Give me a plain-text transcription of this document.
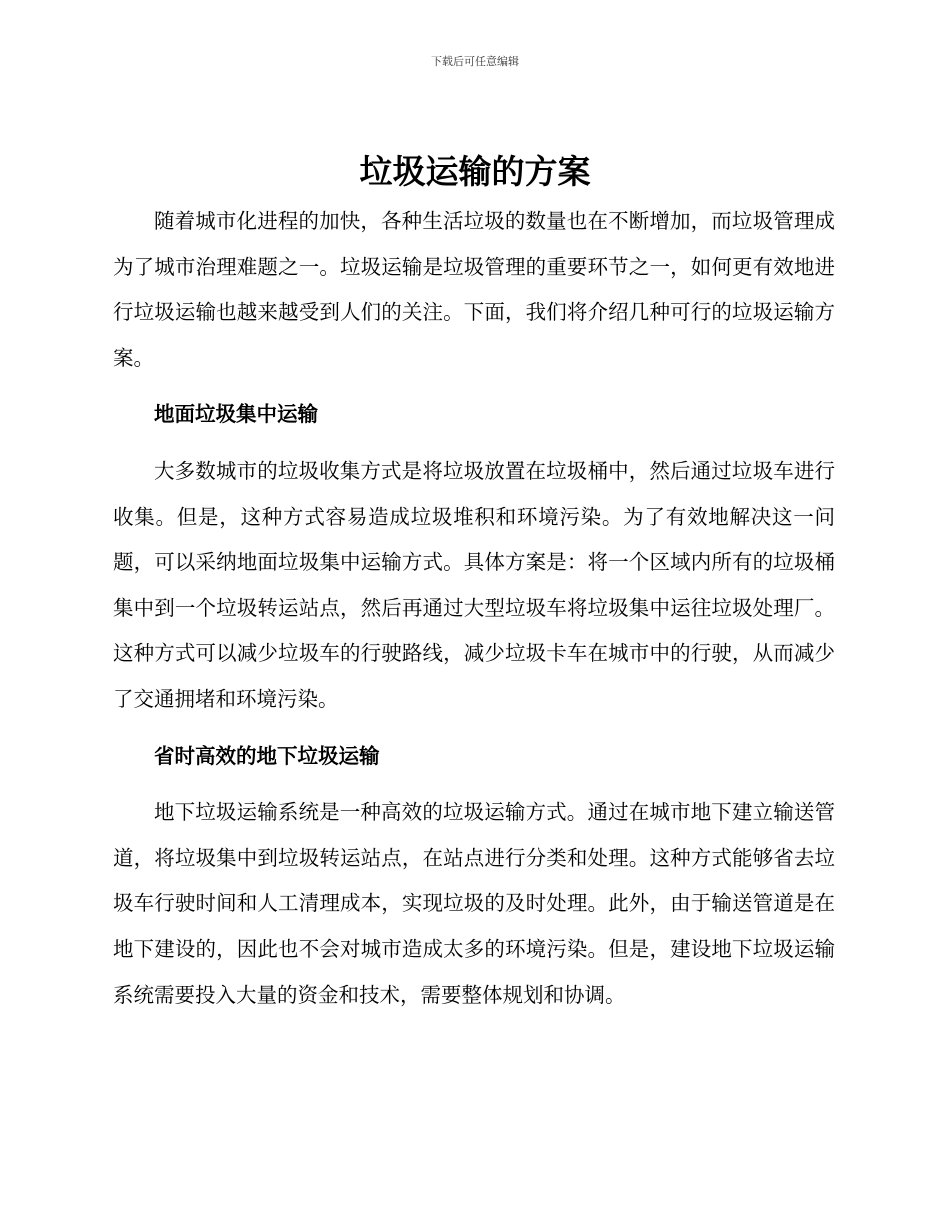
下载后可任意编辑
垃圾运输的方案

随着城市化进程的加快，各种生活垃圾的数量也在不断增加，而垃圾管理成为了城市治理难题之一。垃圾运输是垃圾管理的重要环节之一，如何更有效地进行垃圾运输也越来越受到人们的关注。下面，我们将介绍几种可行的垃圾运输方案。

地面垃圾集中运输

大多数城市的垃圾收集方式是将垃圾放置在垃圾桶中，然后通过垃圾车进行收集。但是，这种方式容易造成垃圾堆积和环境污染。为了有效地解决这一问题，可以采纳地面垃圾集中运输方式。具体方案是：将一个区域内所有的垃圾桶集中到一个垃圾转运站点，然后再通过大型垃圾车将垃圾集中运往垃圾处理厂。这种方式可以减少垃圾车的行驶路线，减少垃圾卡车在城市中的行驶，从而减少了交通拥堵和环境污染。

省时高效的地下垃圾运输

地下垃圾运输系统是一种高效的垃圾运输方式。通过在城市地下建立输送管道，将垃圾集中到垃圾转运站点，在站点进行分类和处理。这种方式能够省去垃圾车行驶时间和人工清理成本，实现垃圾的及时处理。此外，由于输送管道是在地下建设的，因此也不会对城市造成太多的环境污染。但是，建设地下垃圾运输系统需要投入大量的资金和技术，需要整体规划和协调。
